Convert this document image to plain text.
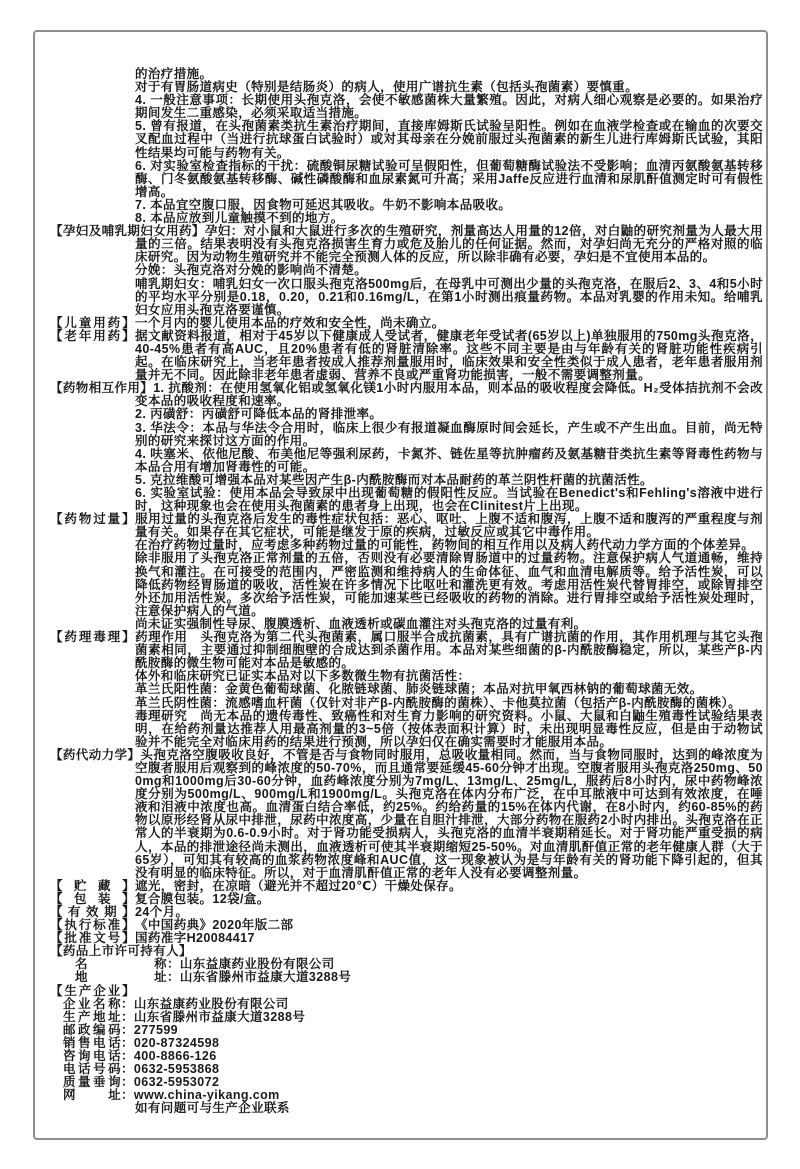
的治疗措施。

对于有胃肠道病史（特别是结肠炎）的病人，使用广谱抗生素（包括头孢菌素）要慎重。

4. 一般注意事项：长期使用头孢克洛，会使不敏感菌株大量繁殖。因此，对病人细心观察是必要的。如果治疗期间发生二重感染，必须采取适当措施。

5. 曾有报道，在头孢菌素类抗生素治疗期间，直接库姆斯氏试验呈阳性。例如在血液学检查或在输血的次要交叉配血过程中（当进行抗球蛋白试验时）或对其母亲在分娩前服过头孢菌素的新生儿进行库姆斯氏试验，其阳性结果均可能与药物有关。

6. 对实验室检查指标的干扰：硫酸铜尿糖试验可呈假阳性，但葡萄糖酶试验法不受影响；血清丙氨酸氨基转移酶、门冬氨酸氨基转移酶、碱性磷酸酶和血尿素氮可升高；采用Jaffe反应进行血清和尿肌酐值测定时可有假性增高。

7. 本品宜空腹口服，因食物可延迟其吸收。牛奶不影响本品吸收。

8. 本品应放到儿童触摸不到的地方。

【孕妇及哺乳期妇女用药】孕妇：对小鼠和大鼠进行多次的生殖研究，剂量高达人用量的12倍，对白鼬的研究剂量为人最大用量的三倍。结果表明没有头孢克洛损害生育力或危及胎儿的任何证据。然而，对孕妇尚无充分的严格对照的临床研究。因为动物生殖研究并不能完全预测人体的反应，所以除非确有必要，孕妇是不宜使用本品的。

分娩：头孢克洛对分娩的影响尚不清楚。

哺乳期妇女：哺乳妇女一次口服头孢克洛500mg后，在母乳中可测出少量的头孢克洛，在服后2、3、4和5小时的平均水平分别是0.18，0.20，0.21和0.16mg/L，在第1小时测出痕量药物。本品对乳婴的作用未知。给哺乳妇女应用头孢克洛要谨慎。

【儿童用药】一个月内的婴儿使用本品的疗效和安全性，尚未确立。

【老年用药】据文献资料报道，相对于45岁以下健康成人受试者，健康老年受试者(65岁以上)单独服用的750mg头孢克洛，40-45%患者有高AUC，且20%患者有低的肾脏清除率。这些不同主要是由与年龄有关的肾脏功能性疾病引起。在临床研究上，当老年患者按成人推荐剂量服用时，临床效果和安全性类似于成人患者，老年患者服用剂量并无不同。因此除非老年患者虚弱、营养不良或严重肾功能损害，一般不需要调整剂量。

【药物相互作用】1. 抗酸剂：在使用氢氧化铝或氢氧化镁1小时内服用本品，则本品的吸收程度会降低。H₂受体拮抗剂不会改变本品的吸收程度和速率。

2. 丙磺舒：丙磺舒可降低本品的肾排泄率。

3. 华法令：本品与华法令合用时，临床上很少有报道凝血酶原时间会延长，产生或不产生出血。目前，尚无特别的研究来探讨这方面的作用。

4. 呋塞米、依他尼酸、布美他尼等强利尿药，卡氮芥、链佐星等抗肿瘤药及氨基糖苷类抗生素等肾毒性药物与本品合用有增加肾毒性的可能。

5. 克拉维酸可增强本品对某些因产生β-内酰胺酶而对本品耐药的革兰阴性杆菌的抗菌活性。

6. 实验室试验：使用本品会导致尿中出现葡萄糖的假阳性反应。当试验在Benedict's和Fehling's溶液中进行时，这种现象也会在使用头孢菌素的患者身上出现，也会在Clinitest片上出现。

【药物过量】服用过量的头孢克洛后发生的毒性症状包括：恶心、呕吐、上腹不适和腹泻，上腹不适和腹泻的严重程度与剂量有关。如果存在其它症状，可能是继发于原的疾病，过敏反应或其它中毒作用。

在治疗药物过量时，应考虑多种药物过量的可能性，药物间的相互作用以及病人药代动力学方面的个体差异。

除非服用了头孢克洛正常剂量的五倍，否则没有必要清除胃肠道中的过量药物。注意保护病人气道通畅，维持换气和灌注。在可接受的范围内，严密监测和维持病人的生命体征、血气和血清电解质等。给予活性炭，可以降低药物经胃肠道的吸收，活性炭在许多情况下比呕吐和灌洗更有效。考虑用活性炭代替胃排空，或除胃排空外还加用活性炭。多次给予活性炭，可能加速某些已经吸收的药物的消除。进行胃排空或给予活性炭处理时，注意保护病人的气道。

尚未证实强制性导尿、腹膜透析、血液透析或碳血灌注对头孢克洛的过量有利。

【药理毒理】药理作用　头孢克洛为第二代头孢菌素，属口服半合成抗菌素，具有广谱抗菌的作用，其作用机理与其它头孢菌素相同，主要通过抑制细胞壁的合成达到杀菌作用。本品对某些细菌的β-内酰胺酶稳定，所以，某些产β-内酰胺酶的微生物可能对本品是敏感的。

体外和临床研究已证实本品对以下多数微生物有抗菌活性：

革兰氏阳性菌：金黄色葡萄球菌、化脓链球菌、肺炎链球菌；本品对抗甲氧西林钠的葡萄球菌无效。

革兰氏阴性菌：流感嗜血杆菌（仅针对非产β-内酰胺酶的菌株）、卡他莫拉菌（包括产β-内酰胺酶的菌株）。

毒理研究　尚无本品的遗传毒性、致癌性和对生育力影响的研究资料。小鼠、大鼠和白鼬生殖毒性试验结果表明，在给药剂量达推荐人用最高剂量的3~5倍（按体表面积计算）时，未出现明显毒性反应，但是由于动物试验并不能完全对临床用药的结果进行预测，所以孕妇仅在确实需要时才能服用本品。

【药代动力学】头孢克洛空腹吸收良好，不管是否与食物同时服用，总吸收量相同。然而，当与食物同服时，达到的峰浓度为空腹者服用后观察到的峰浓度的50-70%，而且通常要延缓45-60分钟才出现。空腹者服用头孢克洛250mg、500mg和1000mg后30-60分钟，血药峰浓度分别为7mg/L、13mg/L、25mg/L，服药后8小时内，尿中药物峰浓度分别为500mg/L、900mg/L和1900mg/L。头孢克洛在体内分布广泛，在中耳脓液中可达到有效浓度，在唾液和泪液中浓度也高。血清蛋白结合率低，约25%。约给药量的15%在体内代谢，在8小时内，约60-85%的药物以原形经肾从尿中排泄，尿药中浓度高，少量在自胆汁排泄，大部分药物在服药2小时内排出。头孢克洛在正常人的半衰期为0.6-0.9小时。对于肾功能受损病人，头孢克洛的血清半衰期稍延长。对于肾功能严重受损的病人，本品的排泄途径尚未测出，血液透析可使其半衰期缩短25-50%。对血清肌酐值正常的老年健康人群（大于65岁），可知其有较高的血浆药物浓度峰和AUC值，这一现象被认为是与年龄有关的肾功能下降引起的，但其没有明显的临床特征。所以，对于血清肌酐值正常的老年人没有必要调整剂量。

【贮藏】遮光，密封，在凉暗（避光并不超过20℃）干燥处保存。

【包装】复合膜包装。12袋/盒。

【有效期】24个月。

【执行标准】《中国药典》2020年版二部

【批准文号】国药准字H20084417

【药品上市许可持有人】

名称：山东益康药业股份有限公司

地址：山东省滕州市益康大道3288号

【生产企业】

企业名称：山东益康药业股份有限公司

生产地址：山东省滕州市益康大道3288号

邮政编码：277599

销售电话：020-87324598

咨询电话：400-8866-126

电话号码：0632-5953868

质量垂询：0632-5953072

网址：www.china-yikang.com

如有问题可与生产企业联系
